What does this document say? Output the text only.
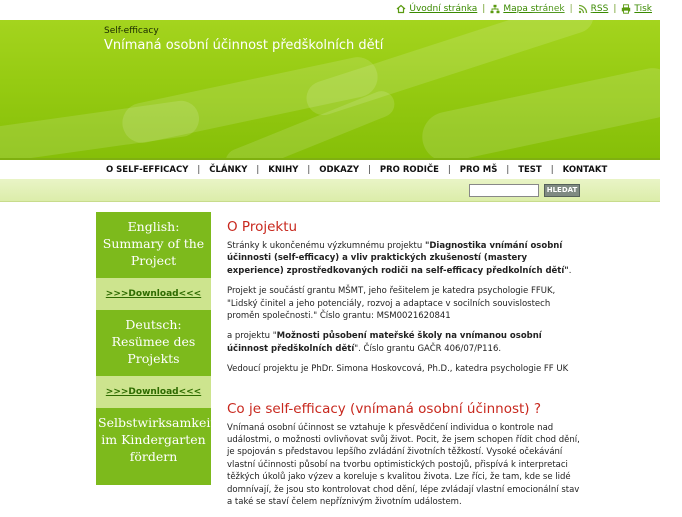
Úvodní stránka | Mapa stránek | RSS | Tisk
Self-efficacy
Vnímaná osobní účinnost předškolních dětí
O SELF-EFFICACY | ČLÁNKY | KNIHY | ODKAZY | PRO RODIČE | PRO MŠ | TEST | KONTAKT
HLEDAT
English: Summary of the Project
>>>Download<<<
Deutsch: Resümee des Projekts
>>>Download<<<
Selbstwirksamkeit im Kindergarten fördern
O Projektu

Stránky k ukončenému výzkumnému projektu "Diagnostika vnímání osobní účinnosti (self-efficacy) a vliv praktických zkušeností (mastery experience) zprostředkovaných rodiči na self-efficacy předkolních dětí".

Projekt je součástí grantu MŠMT, jeho řešitelem je katedra psychologie FFUK, "Lidský činitel a jeho potenciály, rozvoj a adaptace v socilních souvislostech proměn společnosti." Číslo grantu: MSM0021620841

a projektu "Možnosti působení mateřské školy na vnímanou osobní účinnost předškolních dětí". Číslo grantu GAČR 406/07/P116.

Vedoucí projektu je PhDr. Simona Hoskovcová, Ph.D., katedra psychologie FF UK

Co je self-efficacy (vnímaná osobní účinnost) ?

Vnímaná osobní účinnost se vztahuje k přesvědčení individua o kontrole nad událostmi, o možnosti ovlivňovat svůj život. Pocit, že jsem schopen řídit chod dění, je spojován s představou lepšího zvládání životních těžkostí. Vysoké očekávání vlastní účinnosti působí na tvorbu optimistických postojů, přispívá k interpretaci těžkých úkolů jako výzev a koreluje s kvalitou života. Lze říci, že tam, kde se lidé domnívají, že jsou sto kontrolovat chod dění, lépe zvládají vlastní emocionální stav a také se staví čelem nepříznivým životním událostem.
